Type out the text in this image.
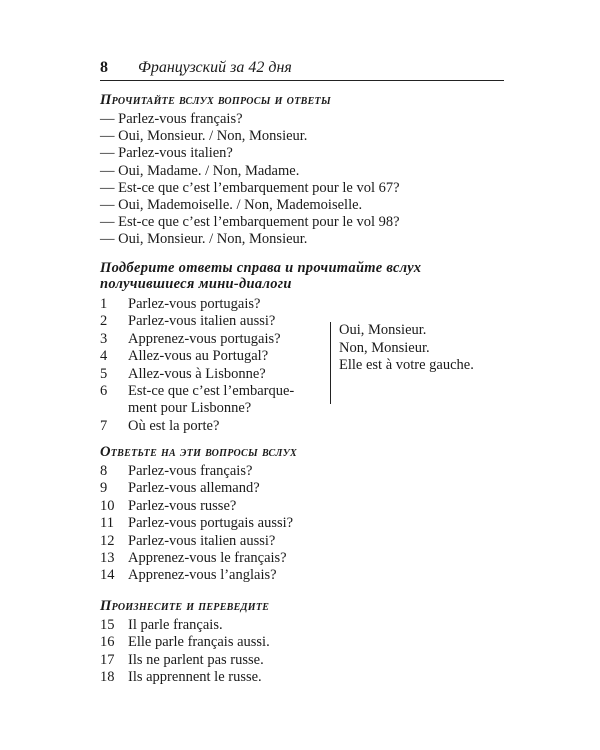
8 Французский за 42 дня
Прочитайте вслух вопросы и ответы
— Parlez-vous français?
— Oui, Monsieur. / Non, Monsieur.
— Parlez-vous italien?
— Oui, Madame. / Non, Madame.
— Est-ce que c’est l’embarquement pour le vol 67?
— Oui, Mademoiselle. / Non, Mademoiselle.
— Est-ce que c’est l’embarquement pour le vol 98?
— Oui, Monsieur. / Non, Monsieur.
Подберите ответы справа и прочитайте вслух
получившиеся мини-диалоги
1 Parlez-vous portugais?
2 Parlez-vous italien aussi?
3 Apprenez-vous portugais?
4 Allez-vous au Portugal?
5 Allez-vous à Lisbonne?
6 Est-ce que c’est l’embarque-
ment pour Lisbonne?
7 Où est la porte?
Oui, Monsieur.
Non, Monsieur.
Elle est à votre gauche.
Ответьте на эти вопросы вслух
8 Parlez-vous français?
9 Parlez-vous allemand?
10 Parlez-vous russe?
11 Parlez-vous portugais aussi?
12 Parlez-vous italien aussi?
13 Apprenez-vous le français?
14 Apprenez-vous l’anglais?
Произнесите и переведите
15 Il parle français.
16 Elle parle français aussi.
17 Ils ne parlent pas russe.
18 Ils apprennent le russe.
